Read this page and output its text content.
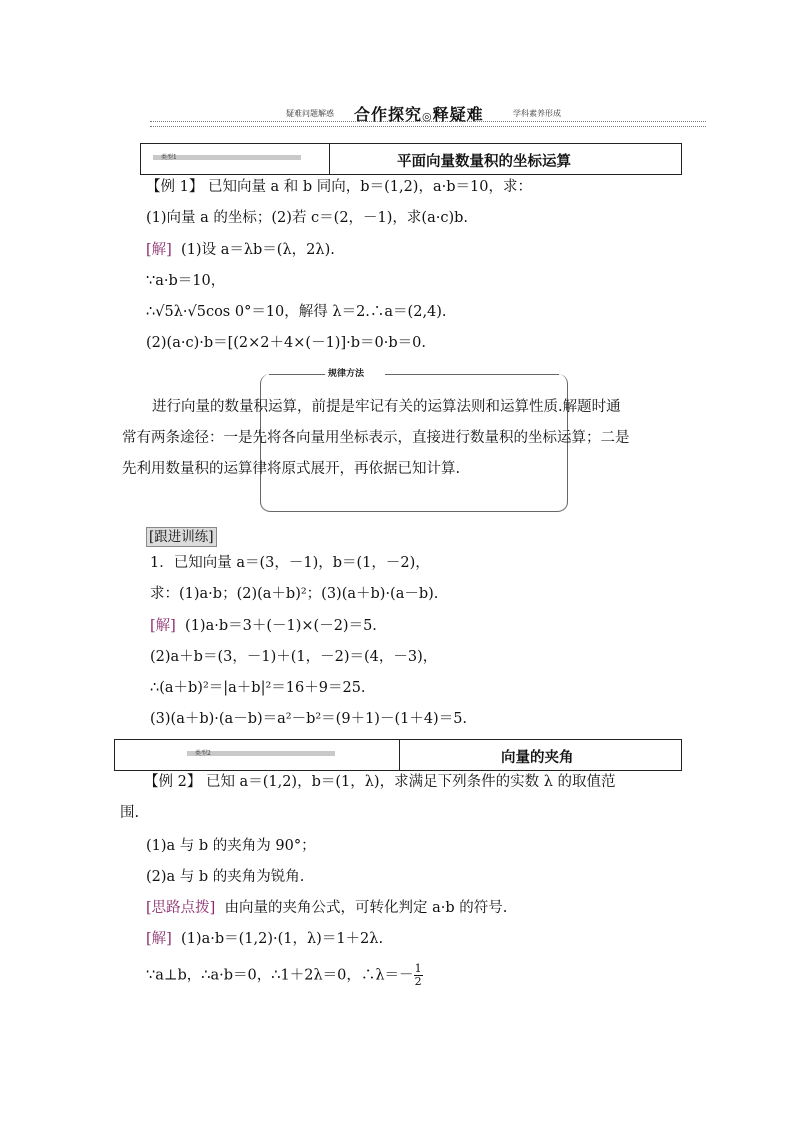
疑难问题解惑 合作探究◎释疑难	学科素养形成
类型1	平面向量数量积的坐标运算
【例 1】 已知向量 a 和 b 同向，b＝(1,2)，a·b＝10，求：
(1)向量 a 的坐标；(2)若 c＝(2，－1)，求(a·c)b.
[解] (1)设 a＝λb＝(λ，2λ).
∵a·b＝10，
∴√5λ·√5cos 0°＝10，解得 λ＝2.∴a＝(2,4).
(2)(a·c)·b＝[(2×2＋4×(－1)]·b＝0·b＝0.
规律方法
进行向量的数量积运算，前提是牢记有关的运算法则和运算性质.解题时通
常有两条途径：一是先将各向量用坐标表示，直接进行数量积的坐标运算；二是
先利用数量积的运算律将原式展开，再依据已知计算.
[跟进训练]
1．已知向量 a＝(3，－1)，b＝(1，－2)，
求：(1)a·b；(2)(a＋b)²；(3)(a＋b)·(a－b).
[解] (1)a·b＝3＋(－1)×(－2)＝5.
(2)a＋b＝(3，－1)＋(1，－2)＝(4，－3)，
∴(a＋b)²＝|a＋b|²＝16＋9＝25.
(3)(a＋b)·(a－b)＝a²－b²＝(9＋1)－(1＋4)＝5.
类型2	向量的夹角
【例 2】 已知 a＝(1,2)，b＝(1，λ)，求满足下列条件的实数 λ 的取值范
围.
(1)a 与 b 的夹角为 90°；
(2)a 与 b 的夹角为锐角.
[思路点拨] 由向量的夹角公式，可转化判定 a·b 的符号.
[解] (1)a·b＝(1,2)·(1，λ)＝1＋2λ.
∵a⊥b，∴a·b＝0，∴1＋2λ＝0，∴λ＝－ $\frac{1}{2}$
